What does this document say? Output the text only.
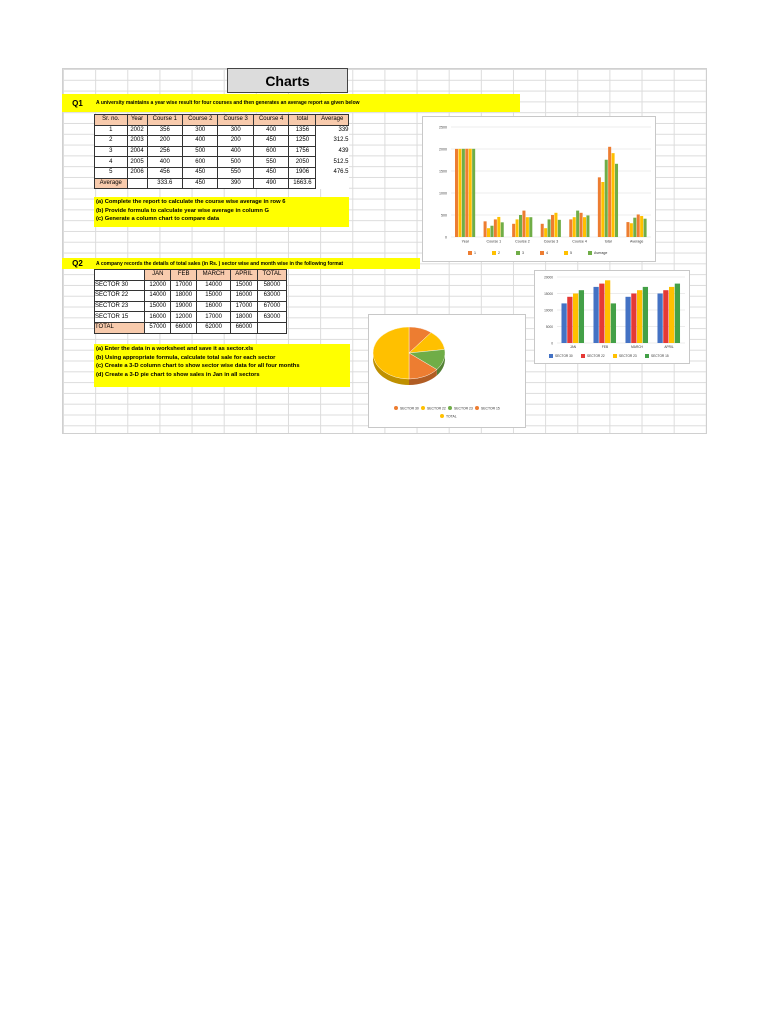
Charts
Q1	A university maintains a year wise result for four courses and then generates an average report as given below
Sr. no.	Year	Course 1	Course 2	Course 3	Course 4	total	Average
1	2002	356	300	300	400	1356	339
2	2003	200	400	200	450	1250	312.5
3	2004	256	500	400	600	1756	439
4	2005	400	600	500	550	2050	512.5
5	2006	456	450	550	450	1906	476.5
Average		333.6	450	390	490	1663.6	
(a) Complete the report to calculate the course wise average in row 6
(b) Provide formula to calculate year wise average in column G
(c) Generate a column chart to compare data
Q2	A company records the details of total sales (in Rs. ) sector wise and month wise in the following format
	JAN	FEB	MARCH	APRIL	TOTAL
SECTOR 30	12000	17000	14000	15000	58000
SECTOR 22	14000	18000	15000	16000	63000
SECTOR 23	15000	19000	16000	17000	67000
SECTOR 15	16000	12000	17000	18000	63000
TOTAL	57000	66000	62000	66000	
(a) Enter the data in a worksheet and save it as sector.xls
(b) Using appropriate formula, calculate total sale for each sector
(c) Create a 3-D column chart to show sector wise data for all four months
(d) Create a 3-D pie chart to show sales in Jan in all sectors
0
500
1000
1500
2000
2500
Year	Course 1	Course 2	Course 3	Course 4	total	Average
1	2	3	4	5	Average
0
5000
10000
15000
20000
JAN	FEB	MARCH	APRIL
SECTOR 30	SECTOR 22	SECTOR 23	SECTOR 15
SECTOR 30 SECTOR 22 SECTOR 23 SECTOR 15
TOTAL
